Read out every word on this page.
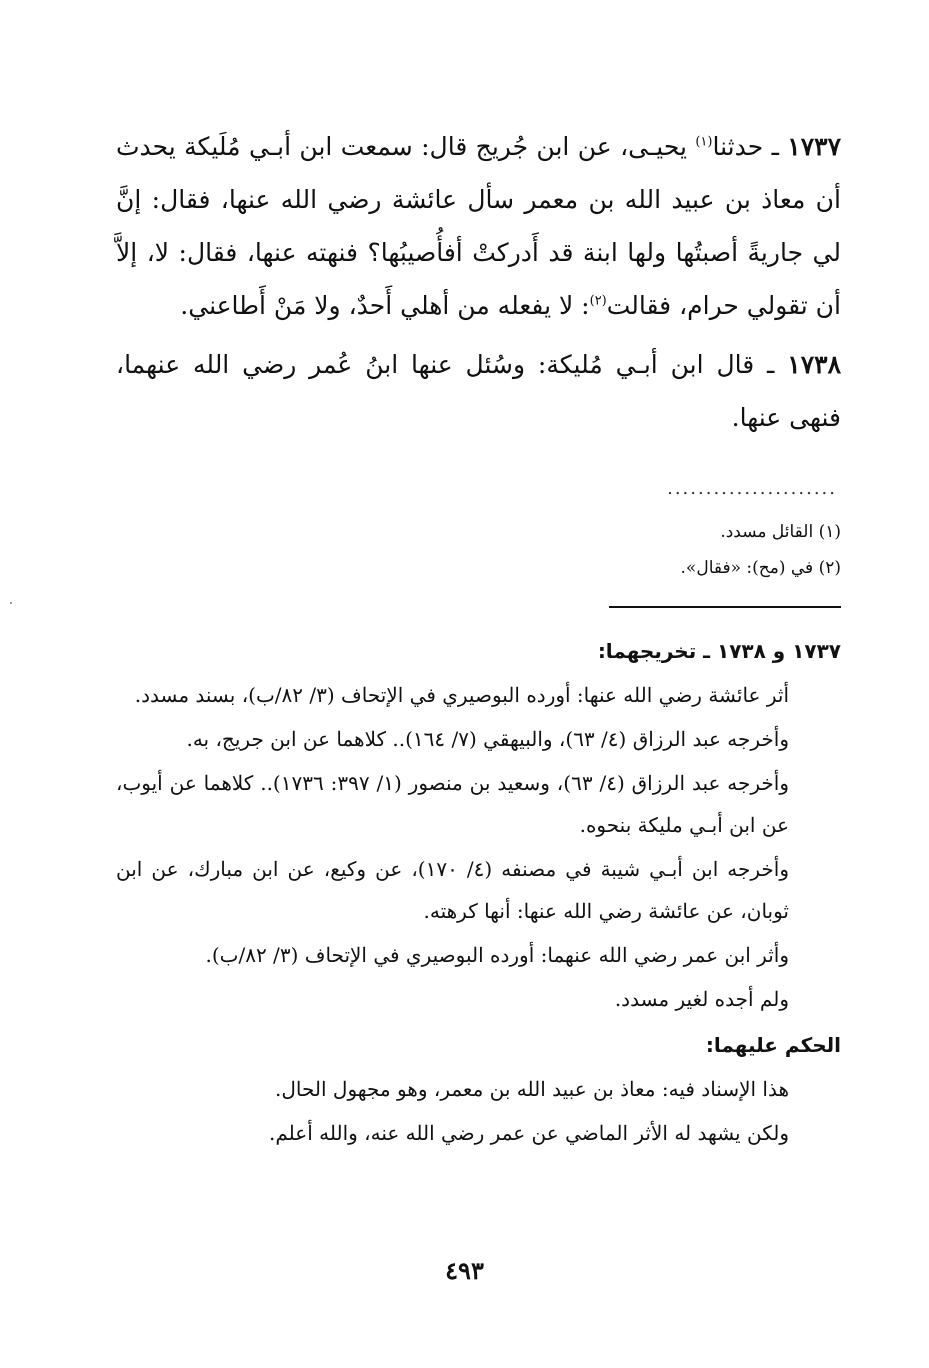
١٧٣٧ ـ حدثنا$^{(١)}$ يحيـى، عن ابن جُريج قال: سمعت ابن أبـي مُلَيكة يحدث أن معاذ بن عبيد الله بن معمر سأل عائشة رضي الله عنها، فقال: إنَّ لي جاريةً أصبتُها ولها ابنة قد أَدركتْ أفأُصيبُها؟ فنهته عنها، فقال: لا، إلاَّ أن تقولي حرام، فقالت$^{(٢)}$: لا يفعله من أهلي أَحدٌ، ولا مَنْ أَطاعني.

١٧٣٨ ـ قال ابن أبـي مُليكة: وسُئل عنها ابنُ عُمر رضي الله عنهما، فنهى عنها.

......................
(١) القائل مسدد.
(٢) في (مح): «فقال».

١٧٣٧ و ١٧٣٨ ـ تخريجهما:

أثر عائشة رضي الله عنها: أورده البوصيري في الإتحاف (٣/ ٨٢/ب)، بسند مسدد.

وأخرجه عبد الرزاق (٤/ ٦٣)، والبيهقي (٧/ ١٦٤).. كلاهما عن ابن جريج، به.

وأخرجه عبد الرزاق (٤/ ٦٣)، وسعيد بن منصور (١/ ٣٩٧: ١٧٣٦).. كلاهما عن أيوب، عن ابن أبـي مليكة بنحوه.

وأخرجه ابن أبـي شيبة في مصنفه (٤/ ١٧٠)، عن وكيع، عن ابن مبارك، عن ابن ثوبان، عن عائشة رضي الله عنها: أنها كرهته.

وأثر ابن عمر رضي الله عنهما: أورده البوصيري في الإتحاف (٣/ ٨٢/ب).

ولم أجده لغير مسدد.

الحكم عليهما:

هذا الإسناد فيه: معاذ بن عبيد الله بن معمر، وهو مجهول الحال.

ولكن يشهد له الأثر الماضي عن عمر رضي الله عنه، والله أعلم.

٤٩٣
